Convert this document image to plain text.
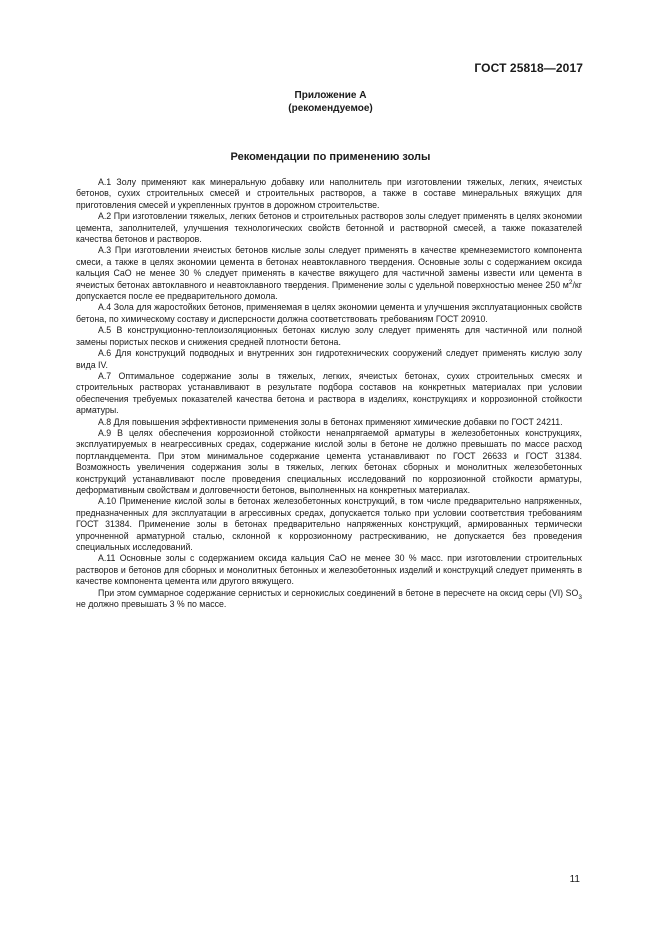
ГОСТ 25818—2017
Приложение А
(рекомендуемое)
Рекомендации по применению золы

А.1 Золу применяют как минеральную добавку или наполнитель при изготовлении тяжелых, легких, ячеистых бетонов, сухих строительных смесей и строительных растворов, а также в составе минеральных вяжущих для приготовления смесей и укрепленных грунтов в дорожном строительстве.

А.2 При изготовлении тяжелых, легких бетонов и строительных растворов золы следует применять в целях экономии цемента, заполнителей, улучшения технологических свойств бетонной и растворной смесей, а также показателей качества бетонов и растворов.

А.3 При изготовлении ячеистых бетонов кислые золы следует применять в качестве кремнеземистого компонента смеси, а также в целях экономии цемента в бетонах неавтоклавного твердения. Основные золы с содержанием оксида кальция CaO не менее 30 % следует применять в качестве вяжущего для частичной замены извести или цемента в ячеистых бетонах автоклавного и неавтоклавного твердения. Применение золы с удельной поверхностью менее 250 $м^2/кг$ допускается после ее предварительного домола.

А.4 Зола для жаростойких бетонов, применяемая в целях экономии цемента и улучшения эксплуатационных свойств бетона, по химическому составу и дисперсности должна соответствовать требованиям ГОСТ 20910.

А.5 В конструкционно-теплоизоляционных бетонах кислую золу следует применять для частичной или полной замены пористых песков и снижения средней плотности бетона.

А.6 Для конструкций подводных и внутренних зон гидротехнических сооружений следует применять кислую золу вида IV.

А.7 Оптимальное содержание золы в тяжелых, легких, ячеистых бетонах, сухих строительных смесях и строительных растворах устанавливают в результате подбора составов на конкретных материалах при условии обеспечения требуемых показателей качества бетона и раствора в изделиях, конструкциях и коррозионной стойкости арматуры.

А.8 Для повышения эффективности применения золы в бетонах применяют химические добавки по ГОСТ 24211.

А.9 В целях обеспечения коррозионной стойкости ненапрягаемой арматуры в железобетонных конструкциях, эксплуатируемых в неагрессивных средах, содержание кислой золы в бетоне не должно превышать по массе расход портландцемента. При этом минимальное содержание цемента устанавливают по ГОСТ 26633 и ГОСТ 31384. Возможность увеличения содержания золы в тяжелых, легких бетонах сборных и монолитных железобетонных конструкций устанавливают после проведения специальных исследований по коррозионной стойкости арматуры, деформативным свойствам и долговечности бетонов, выполненных на конкретных материалах.

А.10 Применение кислой золы в бетонах железобетонных конструкций, в том числе предварительно напряженных, предназначенных для эксплуатации в агрессивных средах, допускается только при условии соответствия требованиям ГОСТ 31384. Применение золы в бетонах предварительно напряженных конструкций, армированных термически упрочненной арматурной сталью, склонной к коррозионному растрескиванию, не допускается без проведения специальных исследований.

А.11 Основные золы с содержанием оксида кальция CaO не менее 30 % масс. при изготовлении строительных растворов и бетонов для сборных и монолитных бетонных и железобетонных изделий и конструкций следует применять в качестве компонента цемента или другого вяжущего.

При этом суммарное содержание сернистых и сернокислых соединений в бетоне в пересчете на оксид серы (VI) $SO_3$ не должно превышать 3 % по массе.

11
